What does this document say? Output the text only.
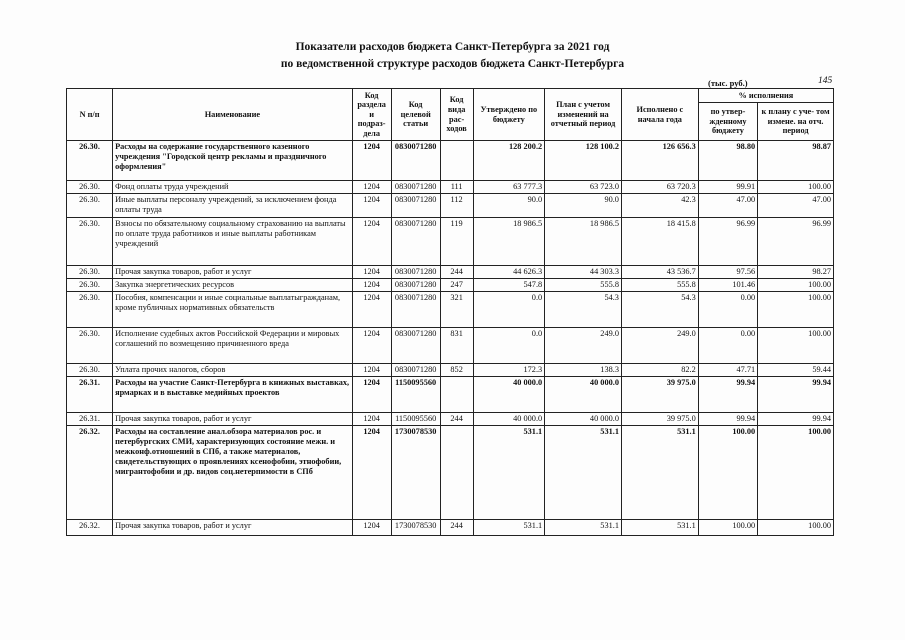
Показатели расходов бюджета Санкт-Петербурга за 2021 год
по ведомственной структуре расходов бюджета Санкт-Петербурга
(тыс. руб.)	145
N п/п	Наименование	Код раздела и подраз- дела	Код целевой статьи	Код вида рас- ходов	Утверждено по бюджету	План с учетом изменений на отчетный период	Исполнено с начала года	% исполнения	
								по утвер- жденному бюджету	к плану с уче- том измене. на отч. период
26.30.	Расходы на содержание государственного казенного учреждения "Городской центр рекламы и праздничного оформления"	1204	0830071280		128 200.2	128 100.2	126 656.3	98.80	98.87
26.30.	Фонд оплаты труда учреждений	1204	0830071280	111	63 777.3	63 723.0	63 720.3	99.91	100.00
26.30.	Иные выплаты персоналу учреждений, за исключением фонда оплаты труда	1204	0830071280	112	90.0	90.0	42.3	47.00	47.00
26.30.	Взносы по обязательному социальному страхованию на выплаты по оплате труда работников и иные выплаты работникам учреждений	1204	0830071280	119	18 986.5	18 986.5	18 415.8	96.99	96.99
26.30.	Прочая закупка товаров, работ и услуг	1204	0830071280	244	44 626.3	44 303.3	43 536.7	97.56	98.27
26.30.	Закупка энергетических ресурсов	1204	0830071280	247	547.8	555.8	555.8	101.46	100.00
26.30.	Пособия, компенсации и иные социальные выплатыгражданам, кроме публичных нормативных обязательств	1204	0830071280	321	0.0	54.3	54.3	0.00	100.00
26.30.	Исполнение судебных актов Российской Федерации и мировых соглашений по возмещению причиненного вреда	1204	0830071280	831	0.0	249.0	249.0	0.00	100.00
26.30.	Уплата прочих налогов, сборов	1204	0830071280	852	172.3	138.3	82.2	47.71	59.44
26.31.	Расходы на участие Санкт-Петербурга в книжных выставках, ярмарках и в выставке медийных проектов	1204	1150095560		40 000.0	40 000.0	39 975.0	99.94	99.94
26.31.	Прочая закупка товаров, работ и услуг	1204	1150095560	244	40 000.0	40 000.0	39 975.0	99.94	99.94
26.32.	Расходы на составление анал.обзора материалов рос. и петербургских СМИ, характеризующих состояние межн. и межконф.отношений в СПб, а также материалов, свидетельствующих о проявлениях ксенофобии, этнофобии, мигрантофобии и др. видов соц.нетерпимости в СПб	1204	1730078530		531.1	531.1	531.1	100.00	100.00
26.32.	Прочая закупка товаров, работ и услуг	1204	1730078530	244	531.1	531.1	531.1	100.00	100.00
